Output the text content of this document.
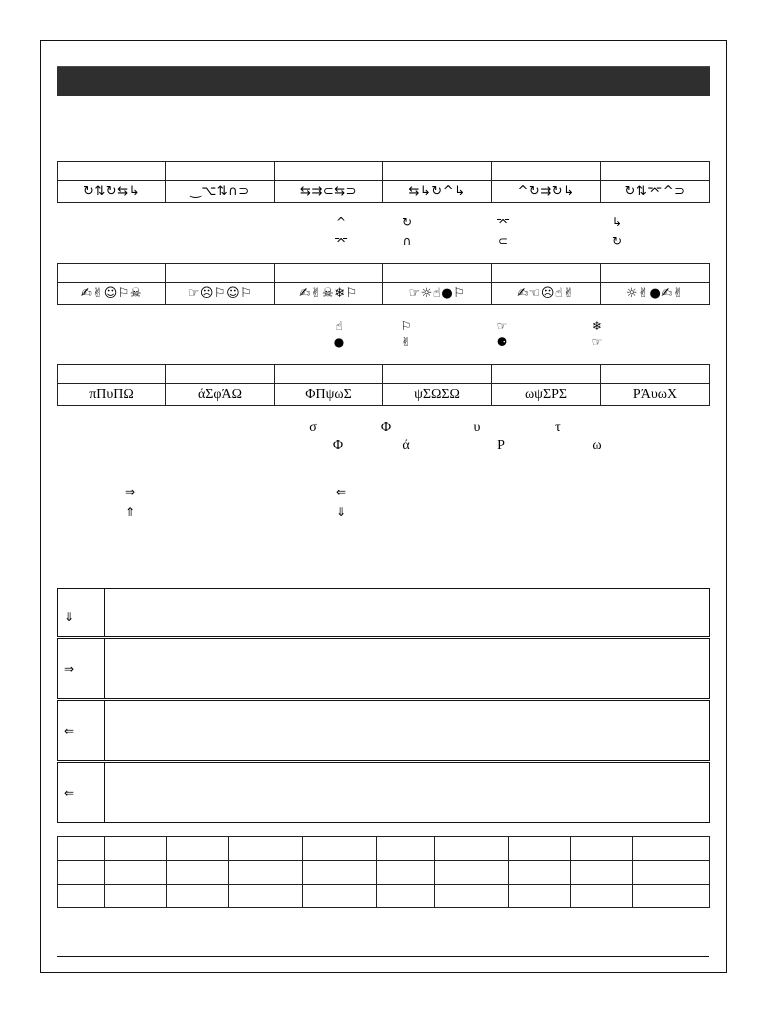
↻⇅↻⇆↳	‿⌥⇅∩⊃	⇆⇉⊂⇆⊃	⇆↳↻^↳	^↻⇉↻↳	↻⇅⌤^⊃
^	↻	⌤	↳
⌤	∩	⊂	↻

✍✌☺⚐☠	☞☹⚐☺⚐	✍✌☠❄⚐	☞☼☝●⚐	✍☜☹☝✌	☼✌●✍✌
☝	⚐	☞	❄
●	✌	⚈	☞

πΠυΠΩ	άΣφΆΩ	ΦΠψωΣ	ψΣΩΣΩ	ωψΣΡΣ	ΡΆυωΧ
σ	Φ	υ	τ
Φ	ά	Ρ	ω
⇒	⇐
⇑	⇓
⇓
⇒
⇐
⇐
